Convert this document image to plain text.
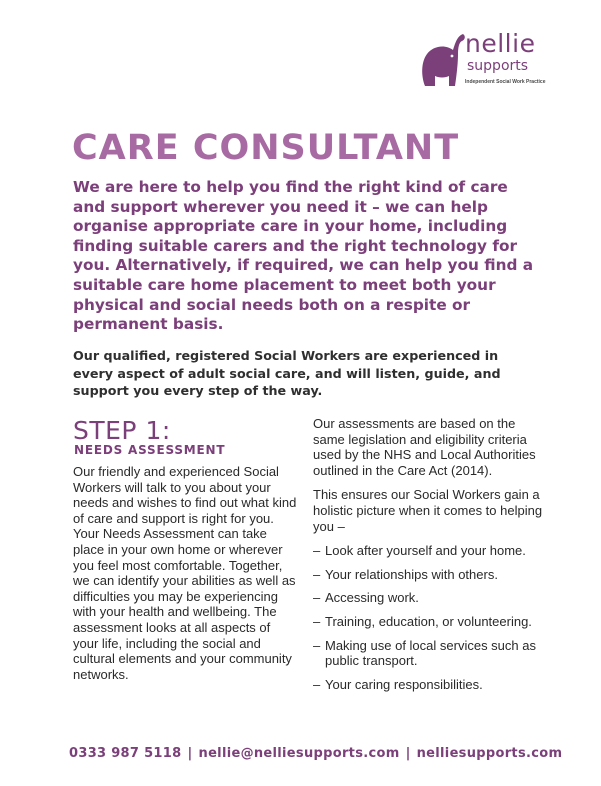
nellie
supports
Independent Social Work Practice
CARE CONSULTANT

We are here to help you find the right kind of care and support wherever you need it – we can help organise appropriate care in your home, including finding suitable carers and the right technology for you. Alternatively, if required, we can help you find a suitable care home placement to meet both your physical and social needs both on a respite or permanent basis.

Our qualified, registered Social Workers are experienced in every aspect of adult social care, and will listen, guide, and support you every step of the way.

STEP 1:
NEEDS ASSESSMENT

Our friendly and experienced Social Workers will talk to you about your needs and wishes to find out what kind of care and support is right for you. Your Needs Assessment can take place in your own home or wherever you feel most comfortable. Together, we can identify your abilities as well as difficulties you may be experiencing with your health and wellbeing. The assessment looks at all aspects of your life, including the social and cultural elements and your community networks.

Our assessments are based on the same legislation and eligibility criteria used by the NHS and Local Authorities outlined in the Care Act (2014).

This ensures our Social Workers gain a holistic picture when it comes to helping you –

– Look after yourself and your home.
– Your relationships with others.
– Accessing work.
– Training, education, or volunteering.
– Making use of local services such as public transport.
– Your caring responsibilities.
0333 987 5118 | nellie@nelliesupports.com | nelliesupports.com
